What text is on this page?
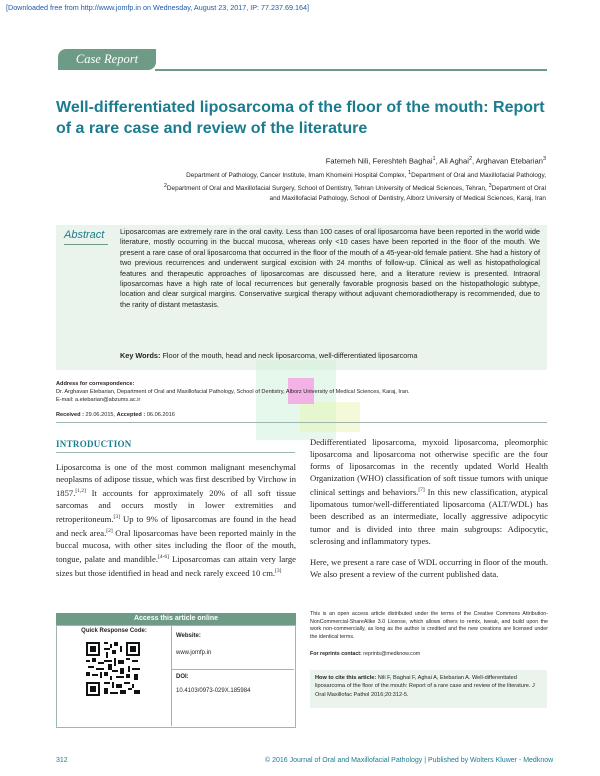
[Downloaded free from http://www.jomfp.in on Wednesday, August 23, 2017, IP: 77.237.69.164]
Case Report
Well-differentiated liposarcoma of the floor of the mouth: Report of a rare case and review of the literature
Fatemeh Nili, Fereshteh Baghai$^1$, Ali Aghai$^2$, Arghavan Etebarian$^3$
Department of Pathology, Cancer Institute, Imam Khomeini Hospital Complex, $^1$Department of Oral and Maxillofacial Pathology,
$^2$Department of Oral and Maxillofacial Surgery, School of Dentistry, Tehran University of Medical Sciences, Tehran, $^3$Department of Oral
and Maxillofacial Pathology, School of Dentistry, Alborz University of Medical Sciences, Karaj, Iran
Abstract Liposarcomas are extremely rare in the oral cavity. Less than 100 cases of oral liposarcoma have been reported in the world wide literature, mostly occurring in the buccal mucosa, whereas only <10 cases have been reported in the floor of the mouth. We present a rare case of oral liposarcoma that occurred in the floor of the mouth of a 45-year-old female patient. She had a history of two previous recurrences and underwent surgical excision with 24 months of follow-up. Clinical as well as histopathological features and therapeutic approaches of liposarcomas are discussed here, and a literature review is presented. Intraoral liposarcomas have a high rate of local recurrences but generally favorable prognosis based on the histopathologic subtype, location and clear surgical margins. Conservative surgical therapy without adjuvant chemoradiotherapy is recommended, due to the rarity of distant metastasis.
Key Words: Floor of the mouth, head and neck liposarcoma, well-differentiated liposarcoma
Address for correspondence:
Dr. Arghavan Etebarian, Department of Oral and Maxillofacial Pathology, School of Dentistry, Alborz University of Medical Sciences, Karaj, Iran.
E-mail: a.etebarian@abzums.ac.ir
Received : 29.06.2015, Accepted : 06.06.2016
INTRODUCTION

Liposarcoma is one of the most common malignant mesenchymal neoplasms of adipose tissue, which was first described by Virchow in 1857.[1,2] It accounts for approximately 20% of all soft tissue sarcomas and occurs mostly in lower extremities and retroperitoneum.[3] Up to 9% of liposarcomas are found in the head and neck area.[2] Oral liposarcomas have been reported mainly in the buccal mucosa, with other sites including the floor of the mouth, tongue, palate and mandible.[4-6] Liposarcomas can attain very large sizes but those identified in head and neck rarely exceed 10 cm.[3]

Dedifferentiated liposarcoma, myxoid liposarcoma, pleomorphic liposarcoma and liposarcoma not otherwise specific are the four forms of liposarcomas in the recently updated World Health Organization (WHO) classification of soft tissue tumors with unique clinical settings and behaviors.[7] In this new classification, atypical lipomatous tumor/well-differentiated liposarcoma (ALT/WDL) has been described as an intermediate, locally aggressive adipocytic tumor and is divided into three main subgroups: Adipocytic, sclerosing and inflammatory types.

Here, we present a rare case of WDL occurring in floor of the mouth. We also present a review of the current published data.

Access this article online
Quick Response Code:
Website:
www.jomfp.in
DOI:
10.4103/0973-029X.185984
This is an open access article distributed under the terms of the Creative Commons Attribution-NonCommercial-ShareAlike 3.0 License, which allows others to remix, tweak, and build upon the work non-commercially, as long as the author is credited and the new creations are licensed under the identical terms.
For reprints contact: reprints@medknow.com
How to cite this article: Nili F, Baghai F, Aghai A, Etebarian A. Well-differentiated liposarcoma of the floor of the mouth: Report of a rare case and review of the literature. J Oral Maxillofac Pathol 2016;20:312-5.
312	© 2016 Journal of Oral and Maxillofacial Pathology | Published by Wolters Kluwer - Medknow
